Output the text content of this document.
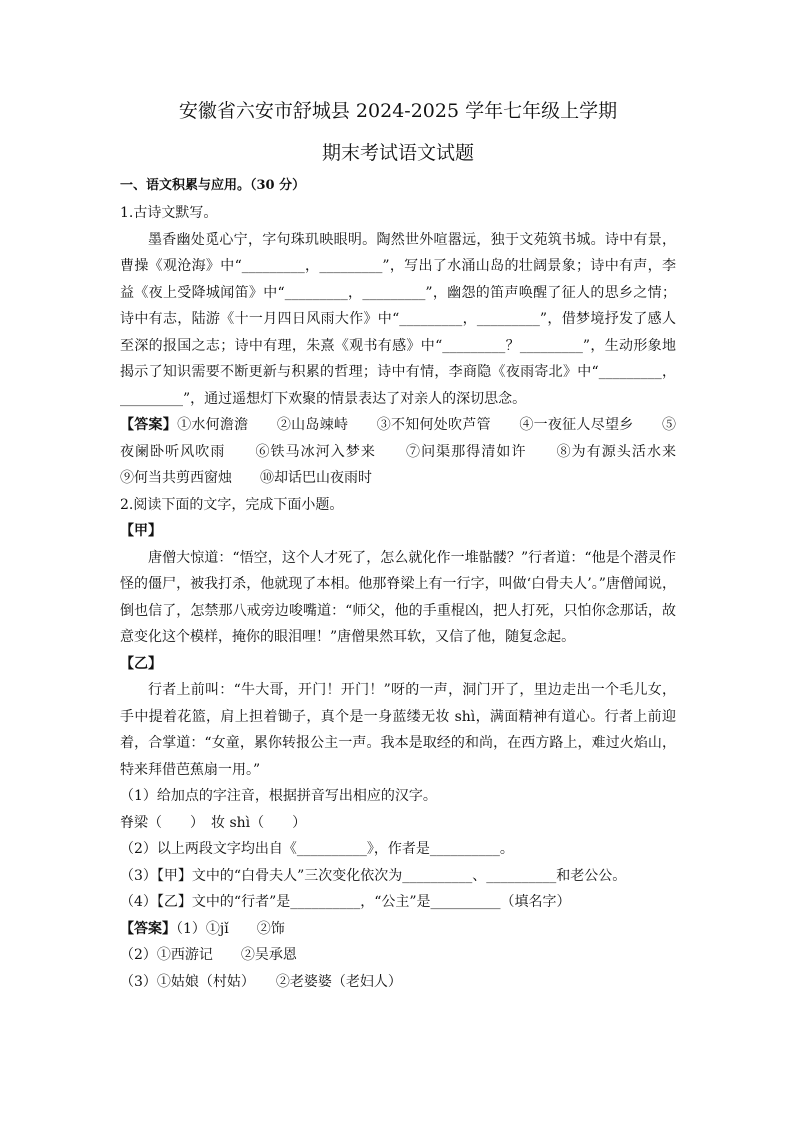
安徽省六安市舒城县 2024-2025 学年七年级上学期
期末考试语文试题
一、语文积累与应用。（30 分）

1.古诗文默写。

墨香幽处觅心宁，字句珠玑映眼明。陶然世外喧嚣远，独于文苑筑书城。诗中有景，曹操《观沧海》中“_________，_________”，写出了水涌山岛的壮阔景象；诗中有声，李益《夜上受降城闻笛》中“_________，_________”，幽怨的笛声唤醒了征人的思乡之情；诗中有志，陆游《十一月四日风雨大作》中“_________，_________”，借梦境抒发了感人至深的报国之志；诗中有理，朱熹《观书有感》中“_________？_________”，生动形象地揭示了知识需要不断更新与积累的哲理；诗中有情，李商隐《夜雨寄北》中“_________，_________”，通过遥想灯下欢聚的情景表达了对亲人的深切思念。

【答案】①水何澹澹　　②山岛竦峙　　③不知何处吹芦管　　④一夜征人尽望乡　　⑤夜阑卧听风吹雨　　⑥铁马冰河入梦来　　⑦问渠那得清如许　　⑧为有源头活水来　　⑨何当共剪西窗烛　　⑩却话巴山夜雨时

2.阅读下面的文字，完成下面小题。

【甲】

唐僧大惊道：“悟空，这个人才死了，怎么就化作一堆骷髅？”行者道：“他是个潜灵作怪的僵尸，被我打杀，他就现了本相。他那脊梁上有一行字，叫做‘白骨夫人’。”唐僧闻说，倒也信了，怎禁那八戒旁边唆嘴道：“师父，他的手重棍凶，把人打死，只怕你念那话，故意变化这个模样，掩你的眼泪哩！”唐僧果然耳软，又信了他，随复念起。

【乙】

行者上前叫：“牛大哥，开门！开门！”呀的一声，洞门开了，里边走出一个毛儿女，手中提着花篮，肩上担着锄子，真个是一身蓝缕无妆 shì，满面精神有道心。行者上前迎着，合掌道：“女童，累你转报公主一声。我本是取经的和尚，在西方路上，难过火焰山，特来拜借芭蕉扇一用。”

（1）给加点的字注音，根据拼音写出相应的汉字。

脊梁（　　）　妆 shì（　　）

（2）以上两段文字均出自《__________》，作者是__________。

（3）【甲】文中的“白骨夫人”三次变化依次为__________、__________和老公公。

（4）【乙】文中的“行者”是__________，“公主”是__________（填名字）

【答案】（1）①jǐ　　②饰

（2）①西游记　　②吴承恩

（3）①姑娘（村姑）　　②老婆婆（老妇人）
